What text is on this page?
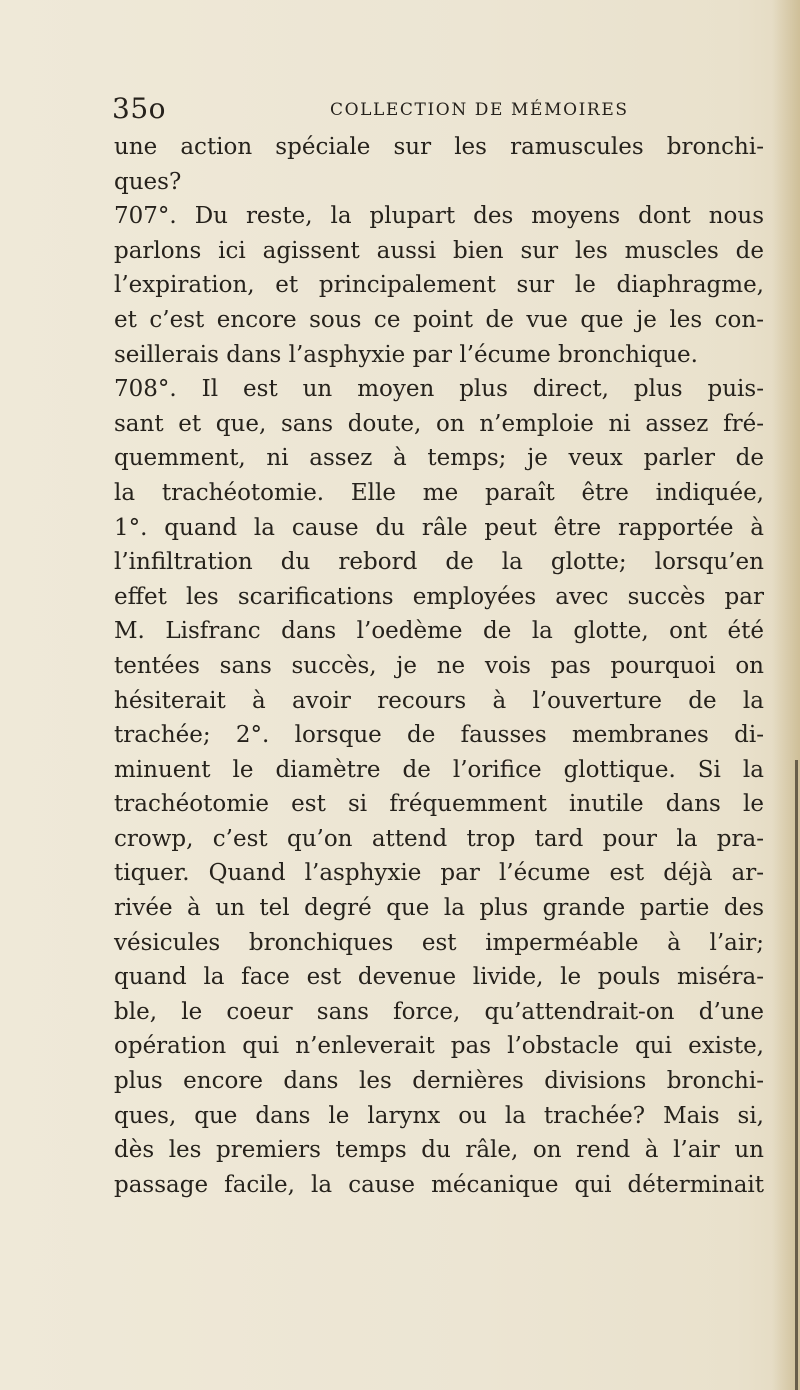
35o	COLLECTION DE MÉMOIRES
une action spéciale sur les ramuscules bronchi-
ques?
707°. Du reste, la plupart des moyens dont nous
parlons ici agissent aussi bien sur les muscles de
l’expiration, et principalement sur le diaphragme,
et c’est encore sous ce point de vue que je les con-
seillerais dans l’asphyxie par l’écume bronchique.
708°. Il est un moyen plus direct, plus puis-
sant et que, sans doute, on n’emploie ni assez fré-
quemment, ni assez à temps; je veux parler de
la trachéotomie. Elle me paraît être indiquée,
1°. quand la cause du râle peut être rapportée à
l’infiltration du rebord de la glotte; lorsqu’en
effet les scarifications employées avec succès par
M. Lisfranc dans l’oedème de la glotte, ont été
tentées sans succès, je ne vois pas pourquoi on
hésiterait à avoir recours à l’ouverture de la
trachée; 2°. lorsque de fausses membranes di-
minuent le diamètre de l’orifice glottique. Si la
trachéotomie est si fréquemment inutile dans le
crowp, c’est qu’on attend trop tard pour la pra-
tiquer. Quand l’asphyxie par l’écume est déjà ar-
rivée à un tel degré que la plus grande partie des
vésicules bronchiques est imperméable à l’air;
quand la face est devenue livide, le pouls miséra-
ble, le coeur sans force, qu’attendrait-on d’une
opération qui n’enleverait pas l’obstacle qui existe,
plus encore dans les dernières divisions bronchi-
ques, que dans le larynx ou la trachée? Mais si,
dès les premiers temps du râle, on rend à l’air un
passage facile, la cause mécanique qui déterminait
